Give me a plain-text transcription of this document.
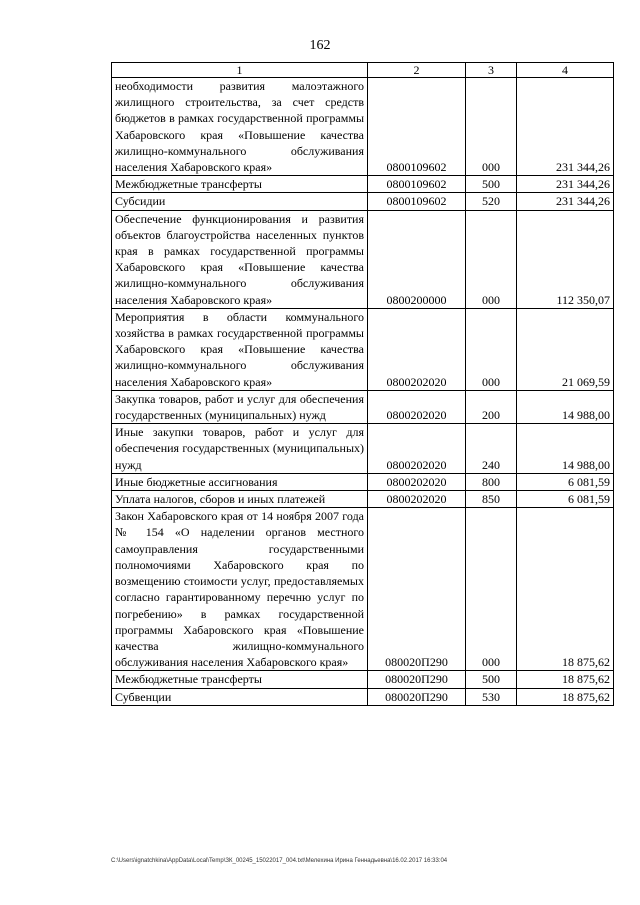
162
1	2	3	4
необходимости развития малоэтажного жилищного строительства, за счет средств бюджетов в рамках государственной программы Хабаровского края «Повышение качества жилищно-коммунального обслуживания населения Хабаровского края»	0800109602	000	231 344,26
Межбюджетные трансферты	0800109602	500	231 344,26
Субсидии	0800109602	520	231 344,26
Обеспечение функционирования и развития объектов благоустройства населенных пунктов края в рамках государственной программы Хабаровского края «Повышение качества жилищно-коммунального обслуживания населения Хабаровского края»	0800200000	000	112 350,07
Мероприятия в области коммунального хозяйства в рамках государственной программы Хабаровского края «Повышение качества жилищно-коммунального обслуживания населения Хабаровского края»	0800202020	000	21 069,59
Закупка товаров, работ и услуг для обеспечения государственных (муниципальных) нужд	0800202020	200	14 988,00
Иные закупки товаров, работ и услуг для обеспечения государственных (муниципальных) нужд	0800202020	240	14 988,00
Иные бюджетные ассигнования	0800202020	800	6 081,59
Уплата налогов, сборов и иных платежей	0800202020	850	6 081,59
Закон Хабаровского края от 14 ноября 2007 года № 154 «О наделении органов местного самоуправления государственными полномочиями Хабаровского края по возмещению стоимости услуг, предоставляемых согласно гарантированному перечню услуг по погребению» в рамках государственной программы Хабаровского края «Повышение качества жилищно-коммунального обслуживания населения Хабаровского края»	080020П290	000	18 875,62
Межбюджетные трансферты	080020П290	500	18 875,62
Субвенции	080020П290	530	18 875,62
C:\Users\ignatchkina\AppData\Local\Temp\ЗК_00245_15022017_004.txt\Мелехина Ирина Геннадьевна\16.02.2017 16:33:04
